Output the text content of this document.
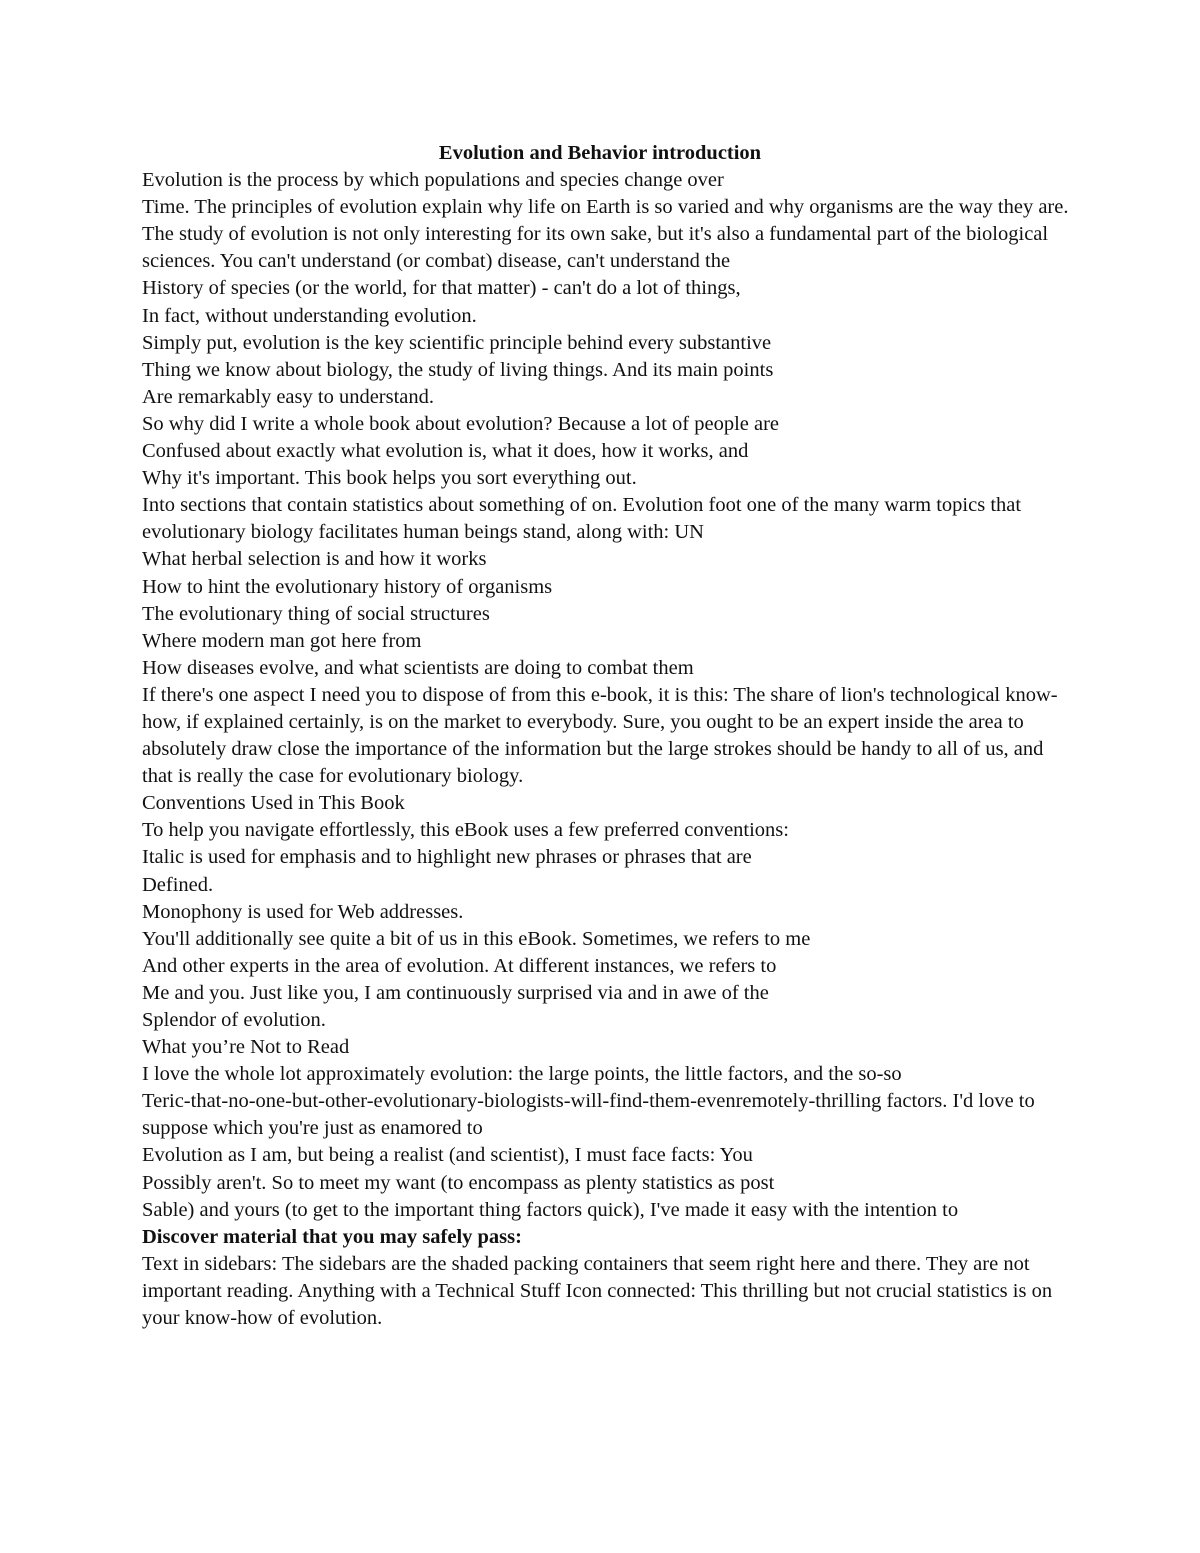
Evolution and Behavior introduction

Evolution is the process by which populations and species change over

Time. The principles of evolution explain why life on Earth is so varied and why organisms are the way they are. The study of evolution is not only interesting for its own sake, but it's also a fundamental part of the biological sciences. You can't understand (or combat) disease, can't understand the

History of species (or the world, for that matter) - can't do a lot of things,

In fact, without understanding evolution.

Simply put, evolution is the key scientific principle behind every substantive

Thing we know about biology, the study of living things. And its main points

Are remarkably easy to understand.

So why did I write a whole book about evolution? Because a lot of people are

Confused about exactly what evolution is, what it does, how it works, and

Why it's important. This book helps you sort everything out.

Into sections that contain statistics about something of on. Evolution foot one of the many warm topics that evolutionary biology facilitates human beings stand, along with: UN

What herbal selection is and how it works

How to hint the evolutionary history of organisms

The evolutionary thing of social structures

Where modern man got here from

How diseases evolve, and what scientists are doing to combat them

If there's one aspect I need you to dispose of from this e-book, it is this: The share of lion's technological know-how, if explained certainly, is on the market to everybody. Sure, you ought to be an expert inside the area to absolutely draw close the importance of the information but the large strokes should be handy to all of us, and that is really the case for evolutionary biology.

Conventions Used in This Book

To help you navigate effortlessly, this eBook uses a few preferred conventions:

Italic is used for emphasis and to highlight new phrases or phrases that are

Defined.

Monophony is used for Web addresses.

You'll additionally see quite a bit of us in this eBook. Sometimes, we refers to me

And other experts in the area of evolution. At different instances, we refers to

Me and you. Just like you, I am continuously surprised via and in awe of the

Splendor of evolution.

What you’re Not to Read

I love the whole lot approximately evolution: the large points, the little factors, and the so-so

Teric-that-no-one-but-other-evolutionary-biologists-will-find-them-evenremotely-thrilling factors. I'd love to suppose which you're just as enamored to

Evolution as I am, but being a realist (and scientist), I must face facts: You

Possibly aren't. So to meet my want (to encompass as plenty statistics as post

Sable) and yours (to get to the important thing factors quick), I've made it easy with the intention to

Discover material that you may safely pass:

Text in sidebars: The sidebars are the shaded packing containers that seem right here and there. They are not important reading. Anything with a Technical Stuff Icon connected: This thrilling but not crucial statistics is on your know-how of evolution.
